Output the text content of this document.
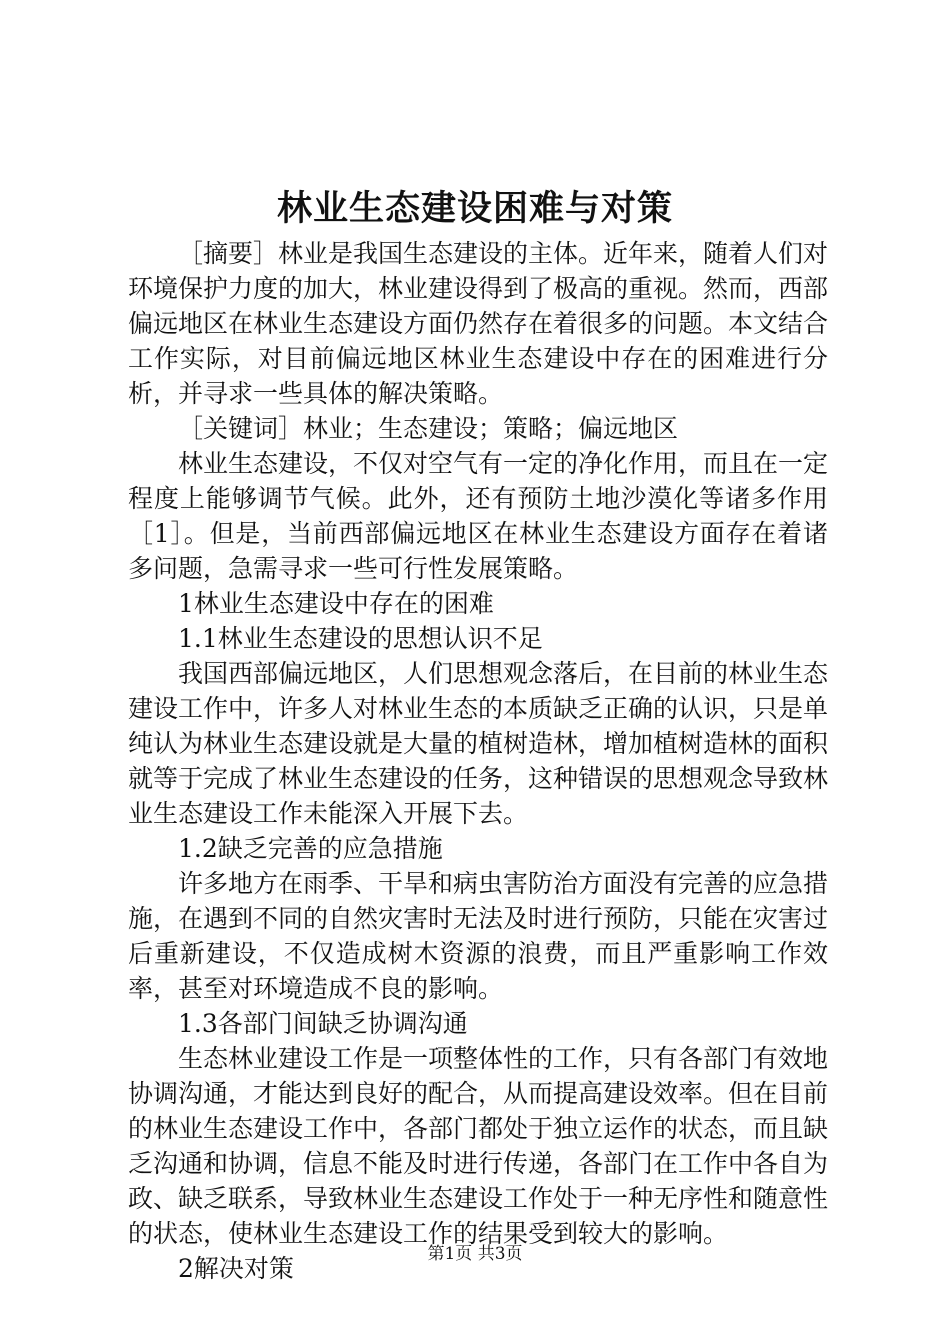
林业生态建设困难与对策

［摘要］林业是我国生态建设的主体。近年来，随着人们对环境保护力度的加大，林业建设得到了极高的重视。然而，西部偏远地区在林业生态建设方面仍然存在着很多的问题。本文结合工作实际，对目前偏远地区林业生态建设中存在的困难进行分析，并寻求一些具体的解决策略。

［关键词］林业；生态建设；策略；偏远地区

林业生态建设，不仅对空气有一定的净化作用，而且在一定程度上能够调节气候。此外，还有预防土地沙漠化等诸多作用［1］。但是，当前西部偏远地区在林业生态建设方面存在着诸多问题，急需寻求一些可行性发展策略。

1林业生态建设中存在的困难

1.1林业生态建设的思想认识不足

我国西部偏远地区，人们思想观念落后，在目前的林业生态建设工作中，许多人对林业生态的本质缺乏正确的认识，只是单纯认为林业生态建设就是大量的植树造林，增加植树造林的面积就等于完成了林业生态建设的任务，这种错误的思想观念导致林业生态建设工作未能深入开展下去。

1.2缺乏完善的应急措施

许多地方在雨季、干旱和病虫害防治方面没有完善的应急措施，在遇到不同的自然灾害时无法及时进行预防，只能在灾害过后重新建设，不仅造成树木资源的浪费，而且严重影响工作效率，甚至对环境造成不良的影响。

1.3各部门间缺乏协调沟通

生态林业建设工作是一项整体性的工作，只有各部门有效地协调沟通，才能达到良好的配合，从而提高建设效率。但在目前的林业生态建设工作中，各部门都处于独立运作的状态，而且缺乏沟通和协调，信息不能及时进行传递，各部门在工作中各自为政、缺乏联系，导致林业生态建设工作处于一种无序性和随意性的状态，使林业生态建设工作的结果受到较大的影响。

2解决对策	第1页 共3页
